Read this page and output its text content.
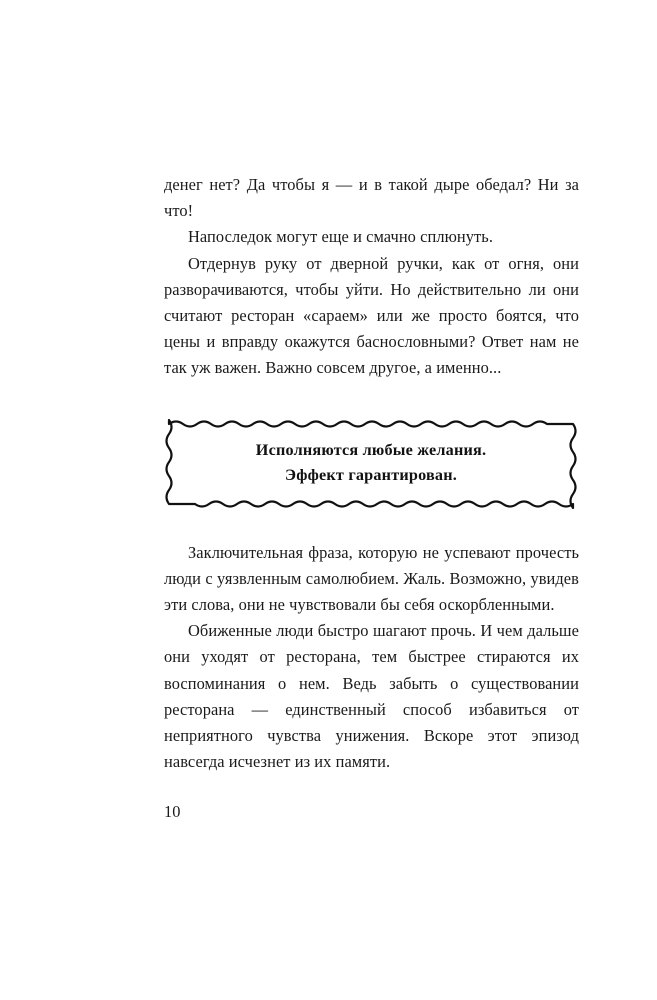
денег нет? Да чтобы я — и в такой дыре обедал? Ни за что!

Напоследок могут еще и смачно сплюнуть.

Отдернув руку от дверной ручки, как от огня, они разворачиваются, чтобы уйти. Но действительно ли они считают ресторан «сараем» или же просто боятся, что цены и вправду окажутся баснословными? Ответ нам не так уж важен. Важно совсем другое, а именно...

Исполняются любые желания.
Эффект гарантирован.

Заключительная фраза, которую не успевают прочесть люди с уязвленным самолюбием. Жаль. Возможно, увидев эти слова, они не чувствовали бы себя оскорбленными.

Обиженные люди быстро шагают прочь. И чем дальше они уходят от ресторана, тем быстрее стираются их воспоминания о нем. Ведь забыть о существовании ресторана — единственный способ избавиться от неприятного чувства унижения. Вскоре этот эпизод навсегда исчезнет из их памяти.

10
